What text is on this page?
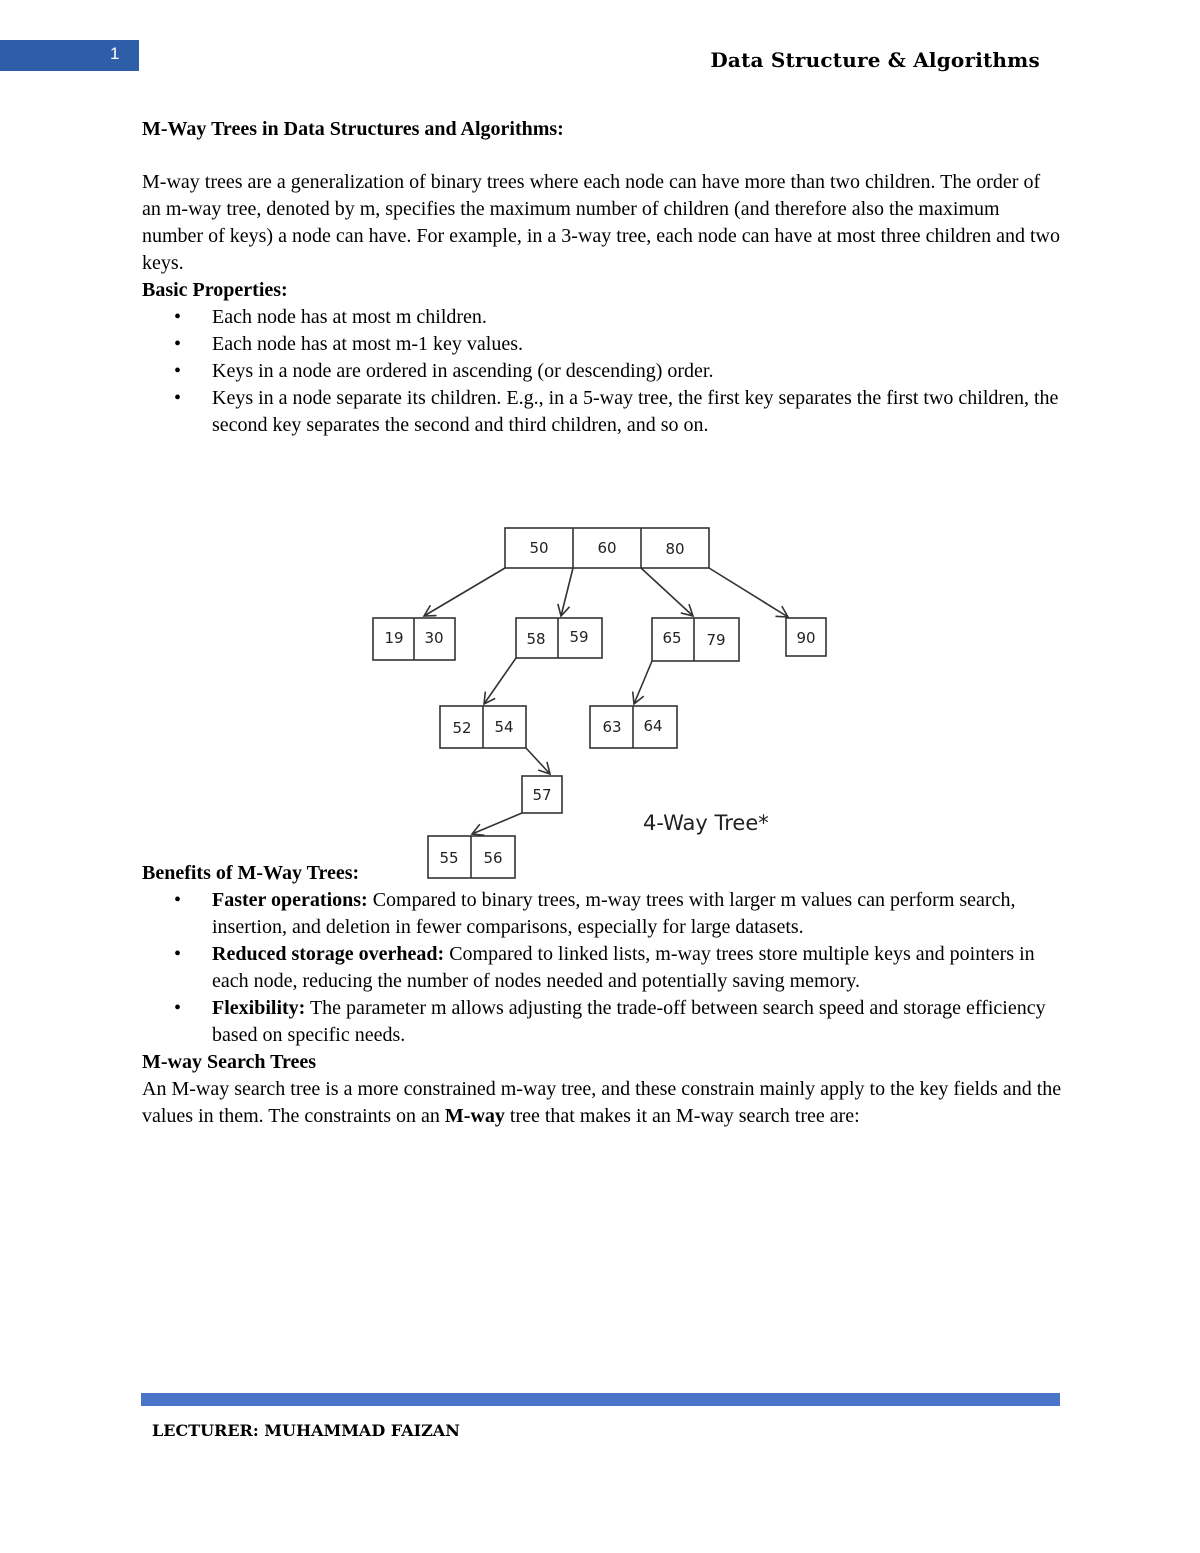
1	Data Structure & Algorithms
M-Way Trees in Data Structures and Algorithms:

M-way trees are a generalization of binary trees where each node can have more than two children. The order of an m-way tree, denoted by m, specifies the maximum number of children (and therefore also the maximum number of keys) a node can have. For example, in a 3-way tree, each node can have at most three children and two keys.

Basic Properties:
• Each node has at most m children.
• Each node has at most m-1 key values.
• Keys in a node are ordered in ascending (or descending) order.
• Keys in a node separate its children. E.g., in a 5-way tree, the first key separates the first two children, the second key separates the second and third children, and so on.
Benefits of M-Way Trees:
• Faster operations: Compared to binary trees, m-way trees with larger m values can perform search, insertion, and deletion in fewer comparisons, especially for large datasets.
• Reduced storage overhead: Compared to linked lists, m-way trees store multiple keys and pointers in each node, reducing the number of nodes needed and potentially saving memory.
• Flexibility: The parameter m allows adjusting the trade-off between search speed and storage efficiency based on specific needs.
M-way Search Trees

An M-way search tree is a more constrained m-way tree, and these constrain mainly apply to the key fields and the values in them. The constraints on an M-way tree that makes it an M-way search tree are:

50	60	80
19 30	58 59	65 79	90
52 54	63 64
57
55 56
4-Way Tree*
LECTURER: MUHAMMAD FAIZAN
